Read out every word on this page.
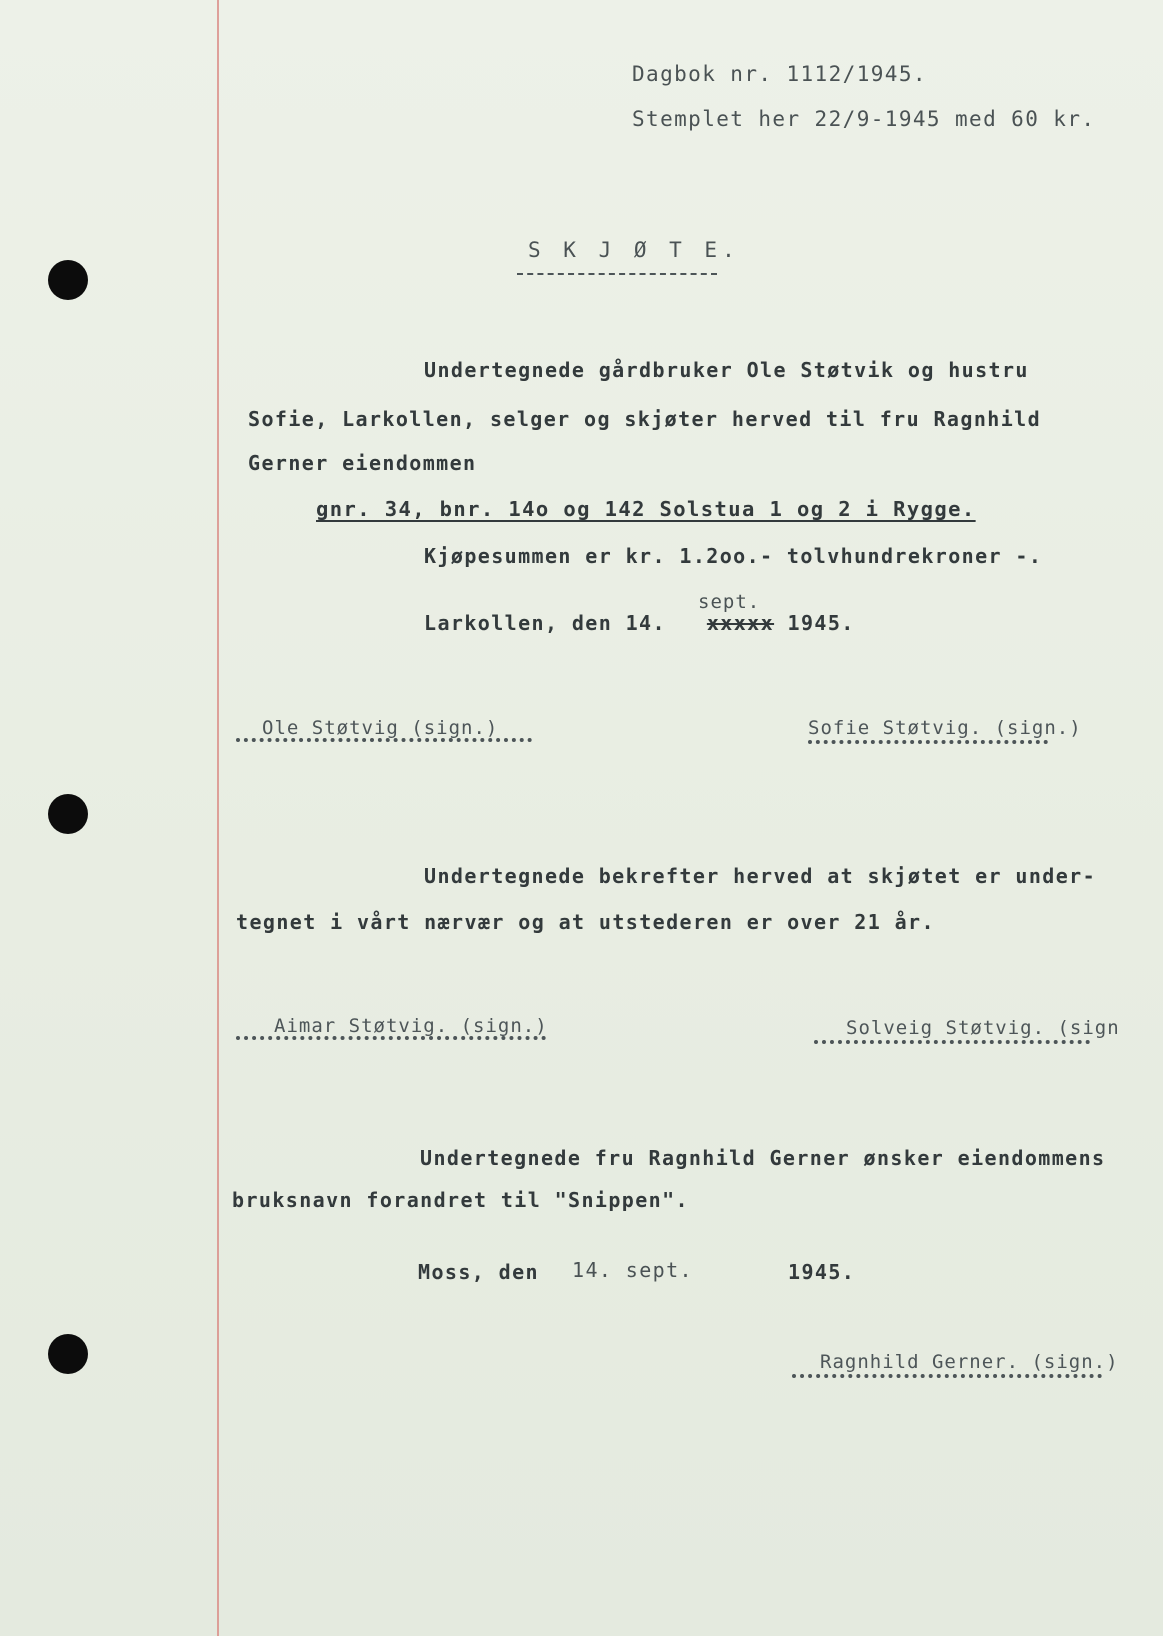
Dagbok nr. 1112/1945.
Stemplet her 22/9-1945 med 60 kr.
S K J Ø T E.
Undertegnede gårdbruker Ole Støtvik og hustru
Sofie, Larkollen, selger og skjøter herved til fru Ragnhild
Gerner eiendommen
gnr. 34, bnr. 14o og 142 Solstua 1 og 2 i Rygge.
Kjøpesummen er kr. 1.2oo.- tolvhundrekroner -.
Larkollen, den 14. xxxxx 1945.
sept.
Ole Støtvig (sign.)	Sofie Støtvig. (sign.)
Undertegnede bekrefter herved at skjøtet er under-
tegnet i vårt nærvær og at utstederen er over 21 år.
Aimar Støtvig. (sign.)	Solveig Støtvig. (sign
Undertegnede fru Ragnhild Gerner ønsker eiendommens
bruksnavn forandret til "Snippen".
Moss, den 14. sept.	1945.
Ragnhild Gerner. (sign.)
